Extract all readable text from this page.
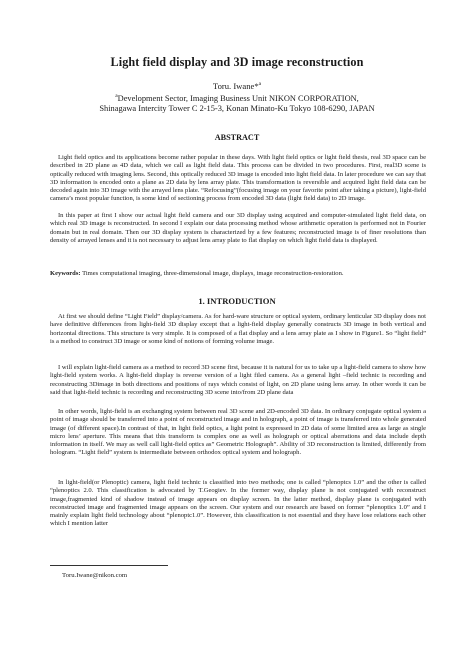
Light field display and 3D image reconstruction
Toru. Iwane*$^a$
$^a$Development Sector, Imaging Business Unit NIKON CORPORATION,
Shinagawa Intercity Tower C 2-15-3, Konan Minato-Ku Tokyo 108-6290, JAPAN
ABSTRACT
Light field optics and its applications become rather popular in these days. With light field optics or light field thesis, real 3D space can be described in 2D plane as 4D data, which we call as light field data. This process can be divided in two procedures. First, real3D scene is optically reduced with imaging lens. Second, this optically reduced 3D image is encoded into light field data. In later procedure we can say that 3D information is encoded onto a plane as 2D data by lens array plate. This transformation is reversible and acquired light field data can be decoded again into 3D image with the arrayed lens plate. “Refocusing”(focusing image on your favorite point after taking a picture), light-field camera’s most popular function, is some kind of sectioning process from encoded 3D data (light field data) to 2D image.
In this paper at first I show our actual light field camera and our 3D display using acquired and computer-simulated light field data, on which real 3D image is reconstructed. In second I explain our data processing method whose arithmetic operation is performed not in Fourier domain but in real domain. Then our 3D display system is characterized by a few features; reconstructed image is of finer resolutions than density of arrayed lenses and it is not necessary to adjust lens array plate to flat display on which light field data is displayed.
Keywords: Times computational imaging, three-dimensional image, displays, image reconstruction-restoration.
1. INTRODUCTION
At first we should define “Light Field” display/camera. As for hard-ware structure or optical system, ordinary lenticular 3D display does not have definitive differences from light-field 3D display except that a light-field display generally constructs 3D image in both vertical and horizontal directions. This structure is very simple. It is composed of a flat display and a lens array plate as I show in Figure1. So “light field” is a method to construct 3D image or some kind of notions of forming volume image.
I will explain light-field camera as a method to record 3D scene first, because it is natural for us to take up a light-field camera to show how light-field system works. A light-field display is reverse version of a light filed camera. As a general light –field technic is recording and reconstructing 3Dimage in both directions and positions of rays which consist of light, on 2D plane using lens array. In other words it can be said that light-field technic is recording and reconstructing 3D scene into/from 2D plane data
In other words, light-field is an exchanging system between real 3D scene and 2D-encoded 3D data. In ordinary conjugate optical system a point of image should be transferred into a point of reconstructed image and in holograph, a point of image is transferred into whole generated image (of different space).In contrast of that, in light field optics, a light point is expressed in 2D data of some limited area as large as single micro lens’ aperture. This means that this transform is complex one as well as holograph or optical aberrations and data include depth information in itself. We may as well call light-field optics as” Geometric Holograph”. Ability of 3D reconstruction is limited, differently from hologram. “Light field” system is intermediate between orthodox optical system and holograph.
In light-field(or Plenoptic) camera, light field technic is classified into two methods; one is called “plenoptcs 1.0” and the other is called “plenoptics 2.0. This classification is advocated by T.Geogiev. In the former way, display plane is not conjugated with reconstruct image,fragmented kind of shadow instead of image appears on display screen. In the latter method, display plane is conjugated with reconstructed image and fragmented image appears on the screen. Our system and our research are based on former “plenoptics 1.0” and I mainly explain light field technology about “plenoptc1.0”. However, this classification is not essential and they have lose relations each other which I mention latter
Toru.Iwane@nikon.com
